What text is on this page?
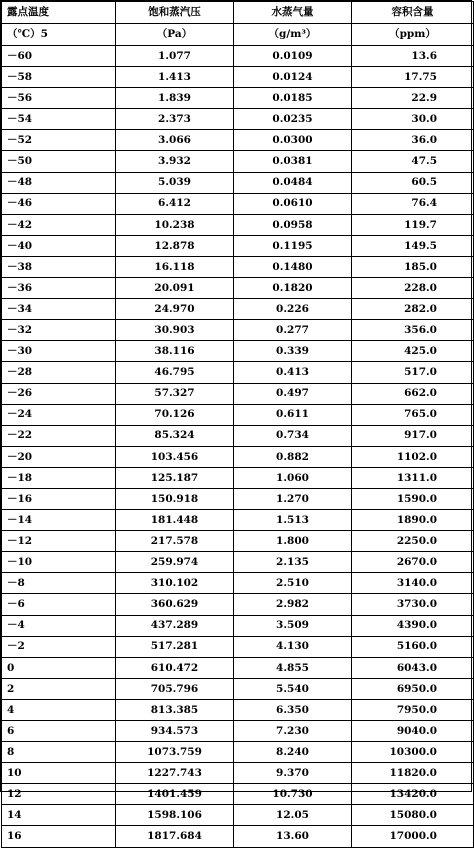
露点温度	饱和蒸汽压	水蒸气量	容积含量
（℃）5	（Pa）	（g/m³）	（ppm）
－60	1.077	0.0109	13.6
－58	1.413	0.0124	17.75
－56	1.839	0.0185	22.9
－54	2.373	0.0235	30.0
－52	3.066	0.0300	36.0
－50	3.932	0.0381	47.5
－48	5.039	0.0484	60.5
－46	6.412	0.0610	76.4
－42	10.238	0.0958	119.7
－40	12.878	0.1195	149.5
－38	16.118	0.1480	185.0
－36	20.091	0.1820	228.0
－34	24.970	0.226	282.0
－32	30.903	0.277	356.0
－30	38.116	0.339	425.0
－28	46.795	0.413	517.0
－26	57.327	0.497	662.0
－24	70.126	0.611	765.0
－22	85.324	0.734	917.0
－20	103.456	0.882	1102.0
－18	125.187	1.060	1311.0
－16	150.918	1.270	1590.0
－14	181.448	1.513	1890.0
－12	217.578	1.800	2250.0
－10	259.974	2.135	2670.0
－8	310.102	2.510	3140.0
－6	360.629	2.982	3730.0
－4	437.289	3.509	4390.0
－2	517.281	4.130	5160.0
0	610.472	4.855	6043.0
2	705.796	5.540	6950.0
4	813.385	6.350	7950.0
6	934.573	7.230	9040.0
8	1073.759	8.240	10300.0
10	1227.743	9.370	11820.0
12	1401.459	10.730	13420.0
14	1598.106	12.05	15080.0
16	1817.684	13.60	17000.0
